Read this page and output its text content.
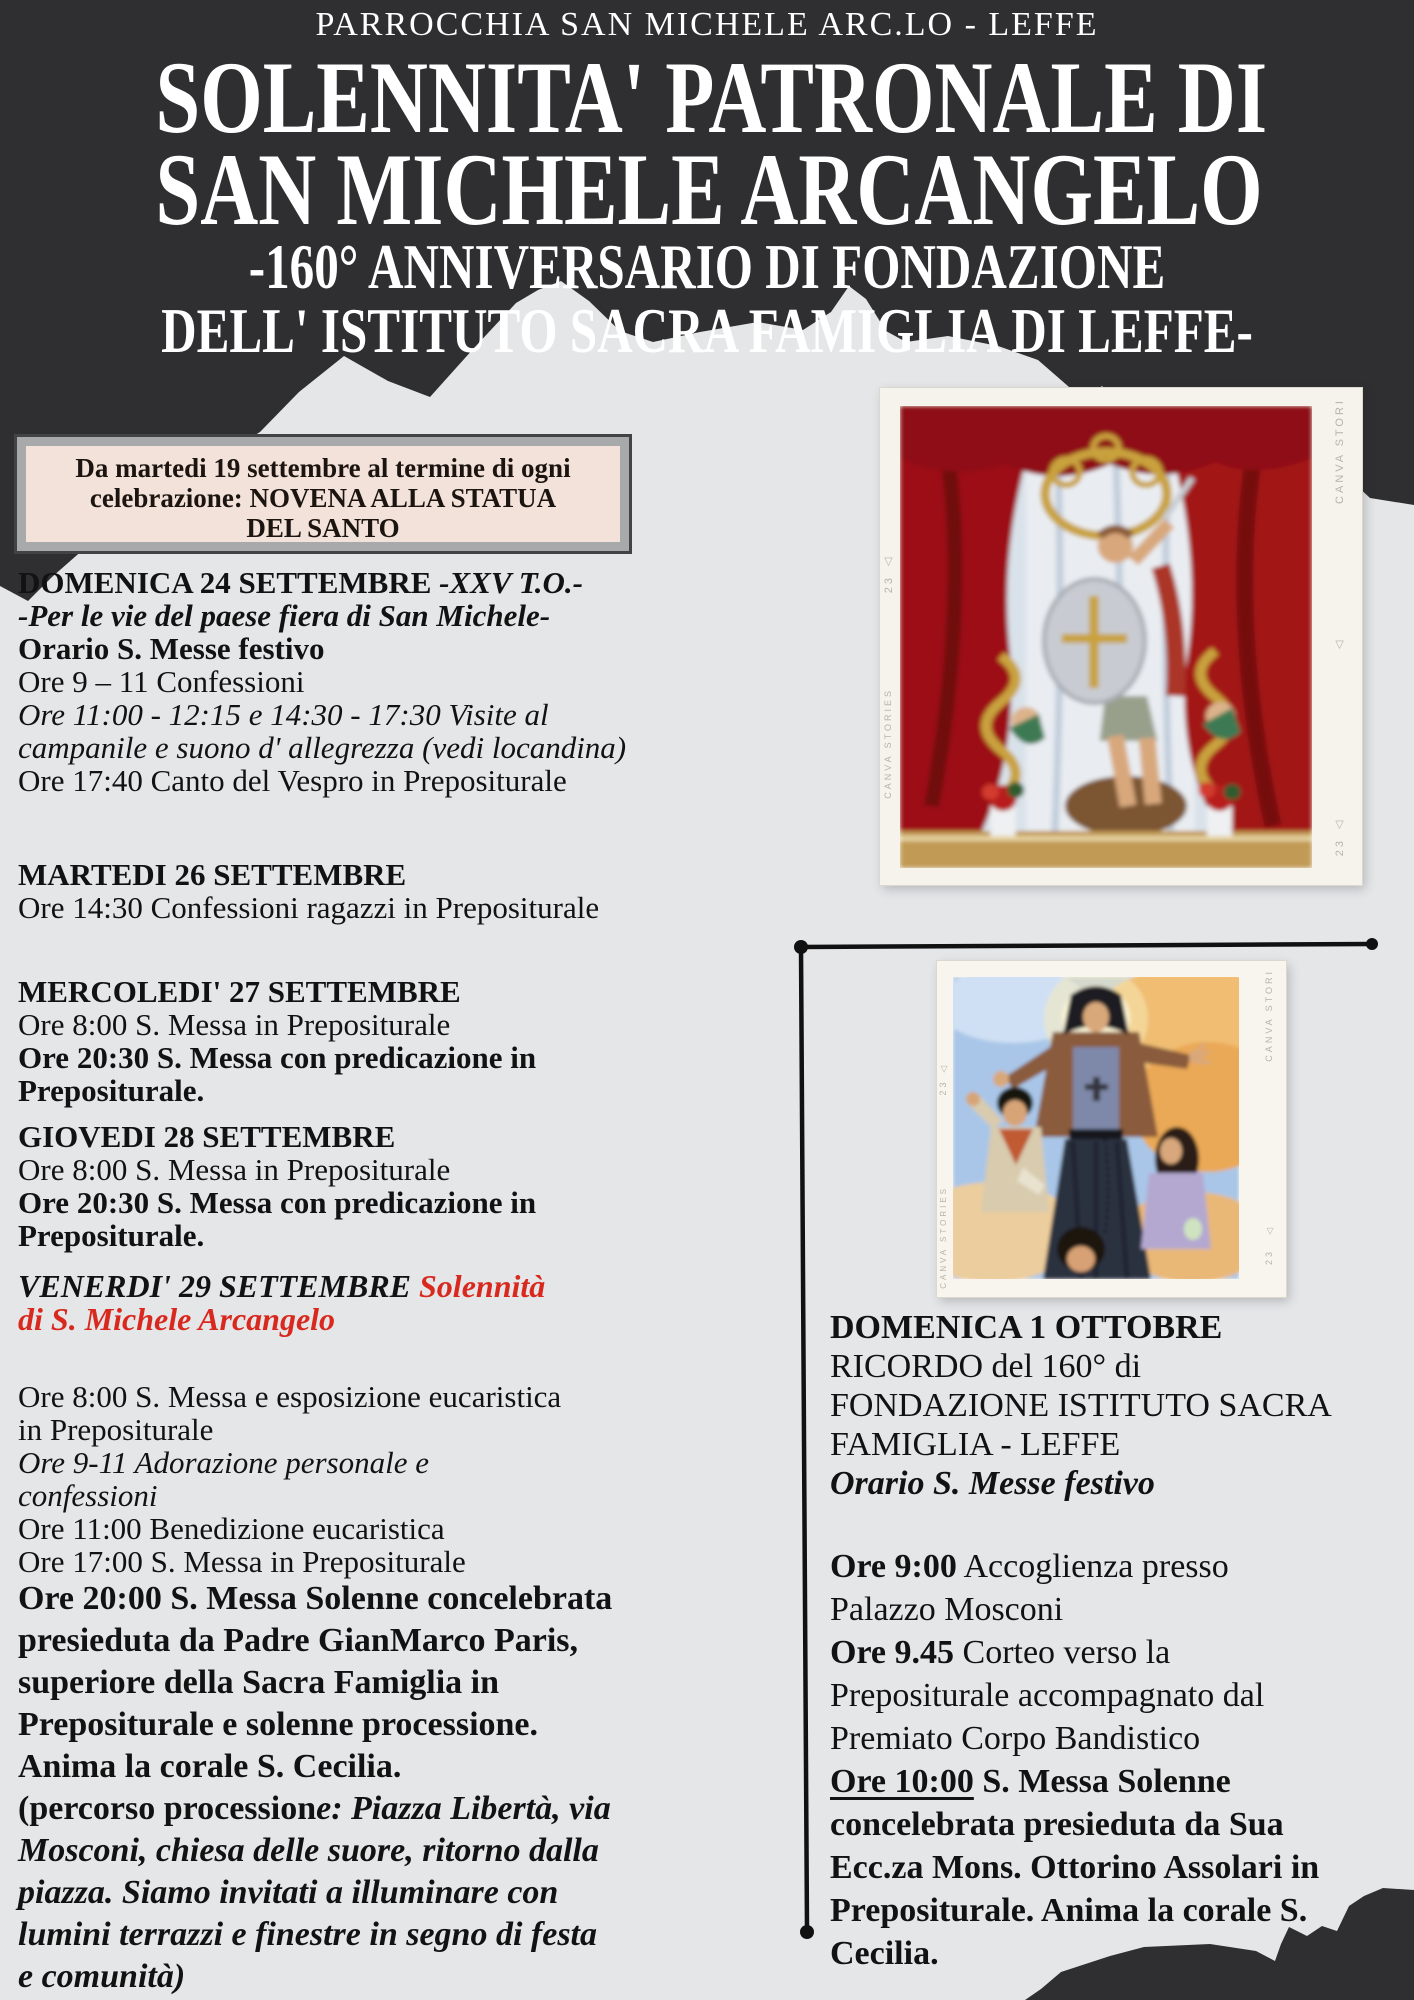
PARROCCHIA SAN MICHELE ARC.LO - LEFFE
SOLENNITA' PATRONALE DI
SAN MICHELE ARCANGELO
-160° ANNIVERSARIO DI FONDAZIONE
DELL' ISTITUTO SACRA FAMIGLIA DI LEFFE-
Da martedi 19 settembre al termine di ogni
celebrazione: NOVENA ALLA STATUA
DEL SANTO
23 △
CANVA STORIES
CANVA STORI
△
23 △
23 △
CANVA STORIES
CANVA STORI
△
23
DOMENICA 24 SETTEMBRE -XXV T.O.-
-Per le vie del paese fiera di San Michele-
Orario S. Messe festivo
Ore 9 – 11 Confessioni
Ore 11:00 - 12:15 e 14:30 - 17:30 Visite al
campanile e suono d' allegrezza (vedi locandina)
Ore 17:40 Canto del Vespro in Prepositurale
MARTEDI 26 SETTEMBRE
Ore 14:30 Confessioni ragazzi in Prepositurale
MERCOLEDI' 27 SETTEMBRE
Ore 8:00 S. Messa in Prepositurale
Ore 20:30 S. Messa con predicazione in
Prepositurale.
GIOVEDI 28 SETTEMBRE
Ore 8:00 S. Messa in Prepositurale
Ore 20:30 S. Messa con predicazione in
Prepositurale.
VENERDI' 29 SETTEMBRE Solennità
di S. Michele Arcangelo
Ore 8:00 S. Messa e esposizione eucaristica
in Prepositurale
Ore 9-11 Adorazione personale e
confessioni
Ore 11:00 Benedizione eucaristica
Ore 17:00 S. Messa in Prepositurale
Ore 20:00 S. Messa Solenne concelebrata
presieduta da Padre GianMarco Paris,
superiore della Sacra Famiglia in
Prepositurale e solenne processione.
Anima la corale S. Cecilia.
(percorso processione: Piazza Libertà, via
Mosconi, chiesa delle suore, ritorno dalla
piazza. Siamo invitati a illuminare con
lumini terrazzi e finestre in segno di festa
e comunità)
DOMENICA 1 OTTOBRE
RICORDO del 160° di
FONDAZIONE ISTITUTO SACRA
FAMIGLIA - LEFFE
Orario S. Messe festivo
Ore 9:00 Accoglienza presso
Palazzo Mosconi
Ore 9.45 Corteo verso la
Prepositurale accompagnato dal
Premiato Corpo Bandistico
Ore 10:00 S. Messa Solenne
concelebrata presieduta da Sua
Ecc.za Mons. Ottorino Assolari in
Prepositurale. Anima la corale S.
Cecilia.
